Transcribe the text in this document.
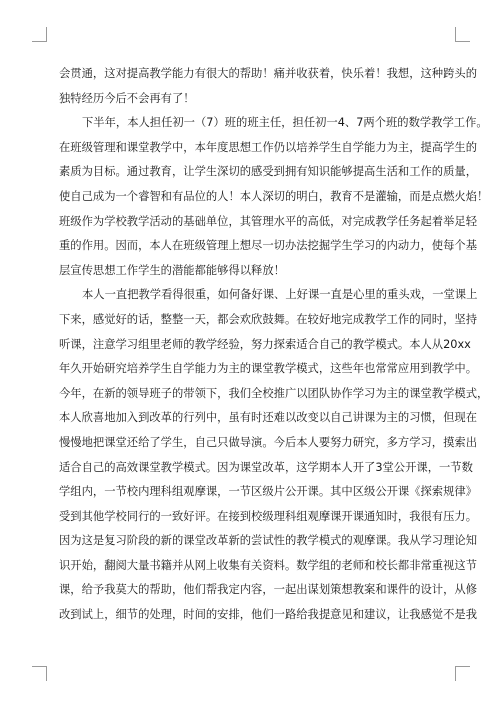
会贯通，这对提高教学能力有很大的帮助！痛并收获着，快乐着！我想，这种跨头的
独特经历今后不会再有了！
下半年，本人担任初一（7）班的班主任，担任初一4、7两个班的数学教学工作。
在班级管理和课堂教学中，本年度思想工作仍以培养学生自学能力为主，提高学生的
素质为目标。通过教育，让学生深切的感受到拥有知识能够提高生活和工作的质量，
使自己成为一个睿智和有品位的人！本人深切的明白，教育不是灌输，而是点燃火焰！
班级作为学校教学活动的基础单位，其管理水平的高低，对完成教学任务起着举足轻
重的作用。因而，本人在班级管理上想尽一切办法挖掘学生学习的内动力，使每个基
层宣传思想工作学生的潜能都能够得以释放！
本人一直把教学看得很重，如何备好课、上好课一直是心里的重头戏，一堂课上
下来，感觉好的话，整整一天，都会欢欣鼓舞。在较好地完成教学工作的同时，坚持
听课，注意学习组里老师的教学经验，努力探索适合自己的教学模式。本人从20xx
年久开始研究培养学生自学能力为主的课堂教学模式，这些年也常常应用到教学中。
今年，在新的领导班子的带领下，我们全校推广以团队协作学习为主的课堂教学模式，
本人欣喜地加入到改革的行列中，虽有时还难以改变以自己讲课为主的习惯，但现在
慢慢地把课堂还给了学生，自己只做导演。今后本人要努力研究，多方学习，摸索出
适合自己的高效课堂教学模式。因为课堂改革，这学期本人开了3堂公开课，一节数
学组内，一节校内理科组观摩课，一节区级片公开课。其中区级公开课《探索规律》
受到其他学校同行的一致好评。在接到校级理科组观摩课开课通知时，我很有压力。
因为这是复习阶段的新的课堂改革新的尝试性的教学模式的观摩课。我从学习理论知
识开始，翻阅大量书籍并从网上收集有关资料。数学组的老师和校长都非常重视这节
课，给予我莫大的帮助，他们帮我定内容，一起出谋划策想教案和课件的设计，从修
改到试上，细节的处理，时间的安排，他们一路给我提意见和建议，让我感觉不是我
